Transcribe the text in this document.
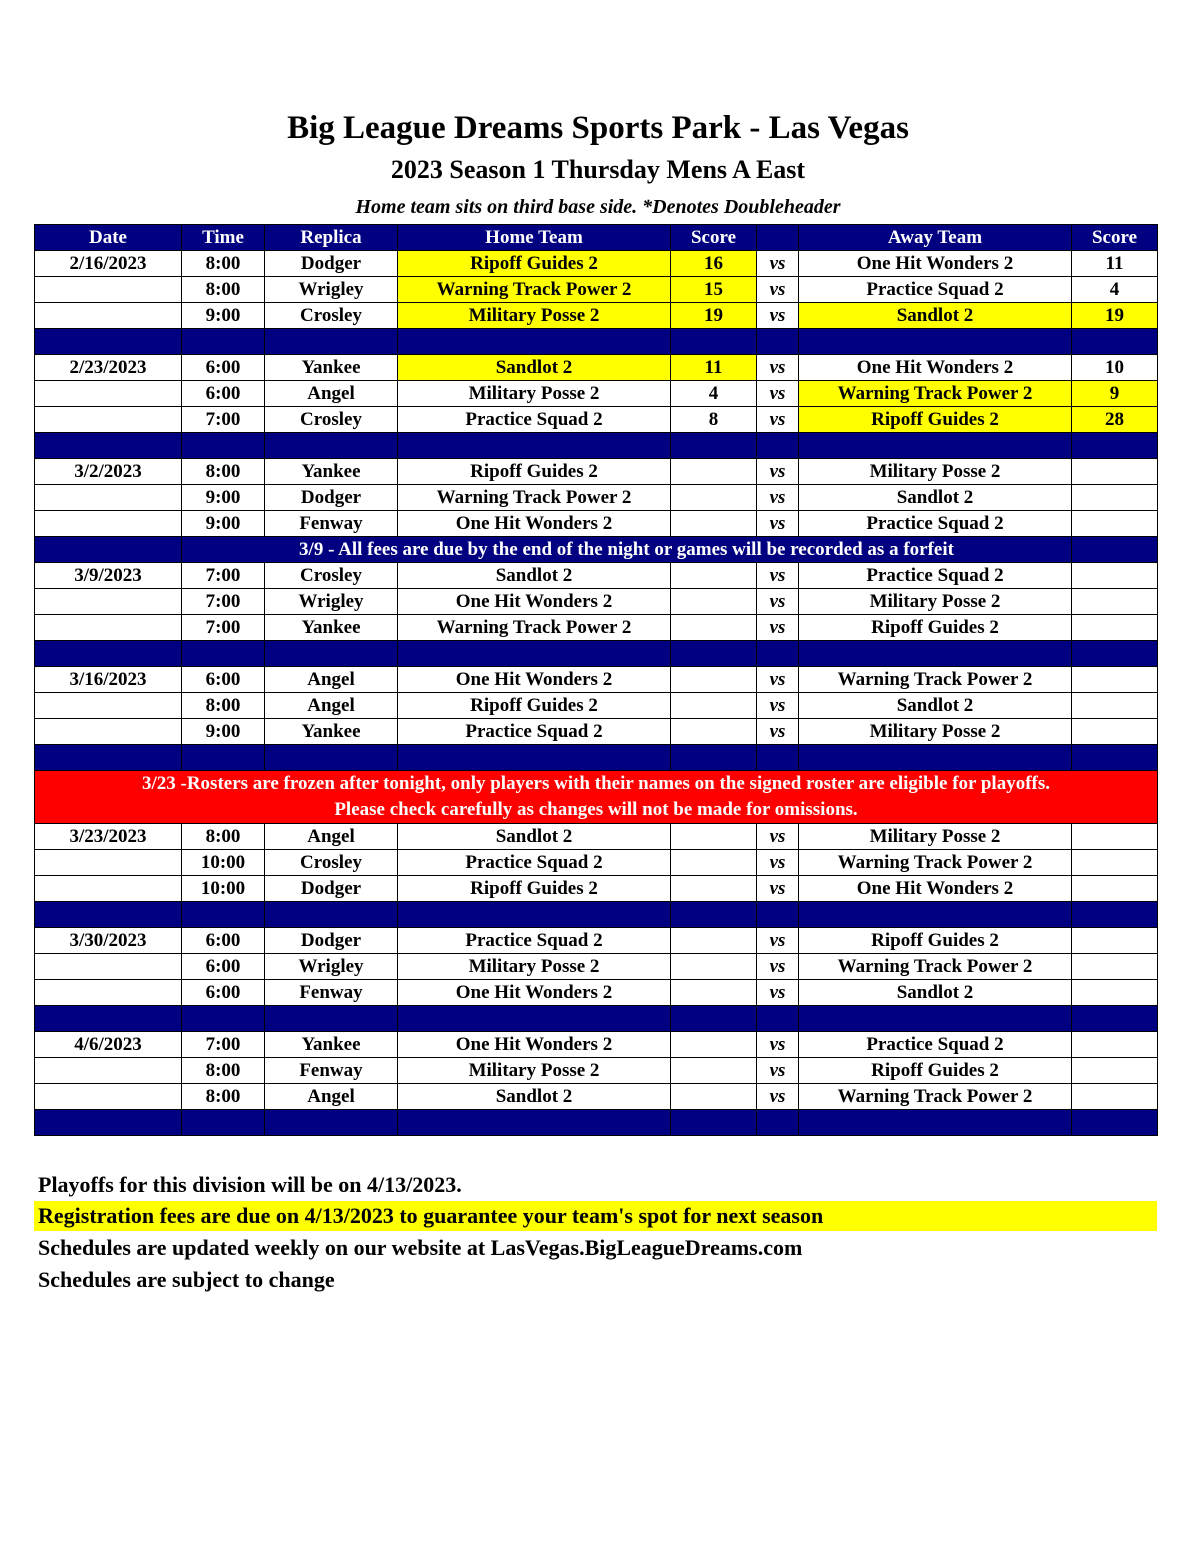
Big League Dreams Sports Park - Las Vegas
2023 Season 1 Thursday Mens A East
Home team sits on third base side. *Denotes Doubleheader
Date	Time	Replica	Home Team	Score		Away Team	Score
2/16/2023	8:00	Dodger	Ripoff Guides 2	16	vs	One Hit Wonders 2	11
	8:00	Wrigley	Warning Track Power 2	15	vs	Practice Squad 2	4
	9:00	Crosley	Military Posse 2	19	vs	Sandlot 2	19

2/23/2023	6:00	Yankee	Sandlot 2	11	vs	One Hit Wonders 2	10
	6:00	Angel	Military Posse 2	4	vs	Warning Track Power 2	9
	7:00	Crosley	Practice Squad 2	8	vs	Ripoff Guides 2	28

3/2/2023	8:00	Yankee	Ripoff Guides 2		vs	Military Posse 2	
	9:00	Dodger	Warning Track Power 2		vs	Sandlot 2	
	9:00	Fenway	One Hit Wonders 2		vs	Practice Squad 2	
	3/9 - All fees are due by the end of the night or games will be recorded as a forfeit						
3/9/2023	7:00	Crosley	Sandlot 2		vs	Practice Squad 2	
	7:00	Wrigley	One Hit Wonders 2		vs	Military Posse 2	
	7:00	Yankee	Warning Track Power 2		vs	Ripoff Guides 2	

3/16/2023	6:00	Angel	One Hit Wonders 2		vs	Warning Track Power 2	
	8:00	Angel	Ripoff Guides 2		vs	Sandlot 2	
	9:00	Yankee	Practice Squad 2		vs	Military Posse 2	

3/23 -Rosters are frozen after tonight, only players with their names on the signed roster are eligible for playoffs.
Please check carefully as changes will not be made for omissions.							

3/23/2023	8:00	Angel	Sandlot 2		vs	Military Posse 2	
	10:00	Crosley	Practice Squad 2		vs	Warning Track Power 2	
	10:00	Dodger	Ripoff Guides 2		vs	One Hit Wonders 2	

3/30/2023	6:00	Dodger	Practice Squad 2		vs	Ripoff Guides 2	
	6:00	Wrigley	Military Posse 2		vs	Warning Track Power 2	
	6:00	Fenway	One Hit Wonders 2		vs	Sandlot 2	

4/6/2023	7:00	Yankee	One Hit Wonders 2		vs	Practice Squad 2	
	8:00	Fenway	Military Posse 2		vs	Ripoff Guides 2	
	8:00	Angel	Sandlot 2		vs	Warning Track Power 2	

Playoffs for this division will be on 4/13/2023.
Registration fees are due on 4/13/2023 to guarantee your team's spot for next season
Schedules are updated weekly on our website at LasVegas.BigLeagueDreams.com
Schedules are subject to change
